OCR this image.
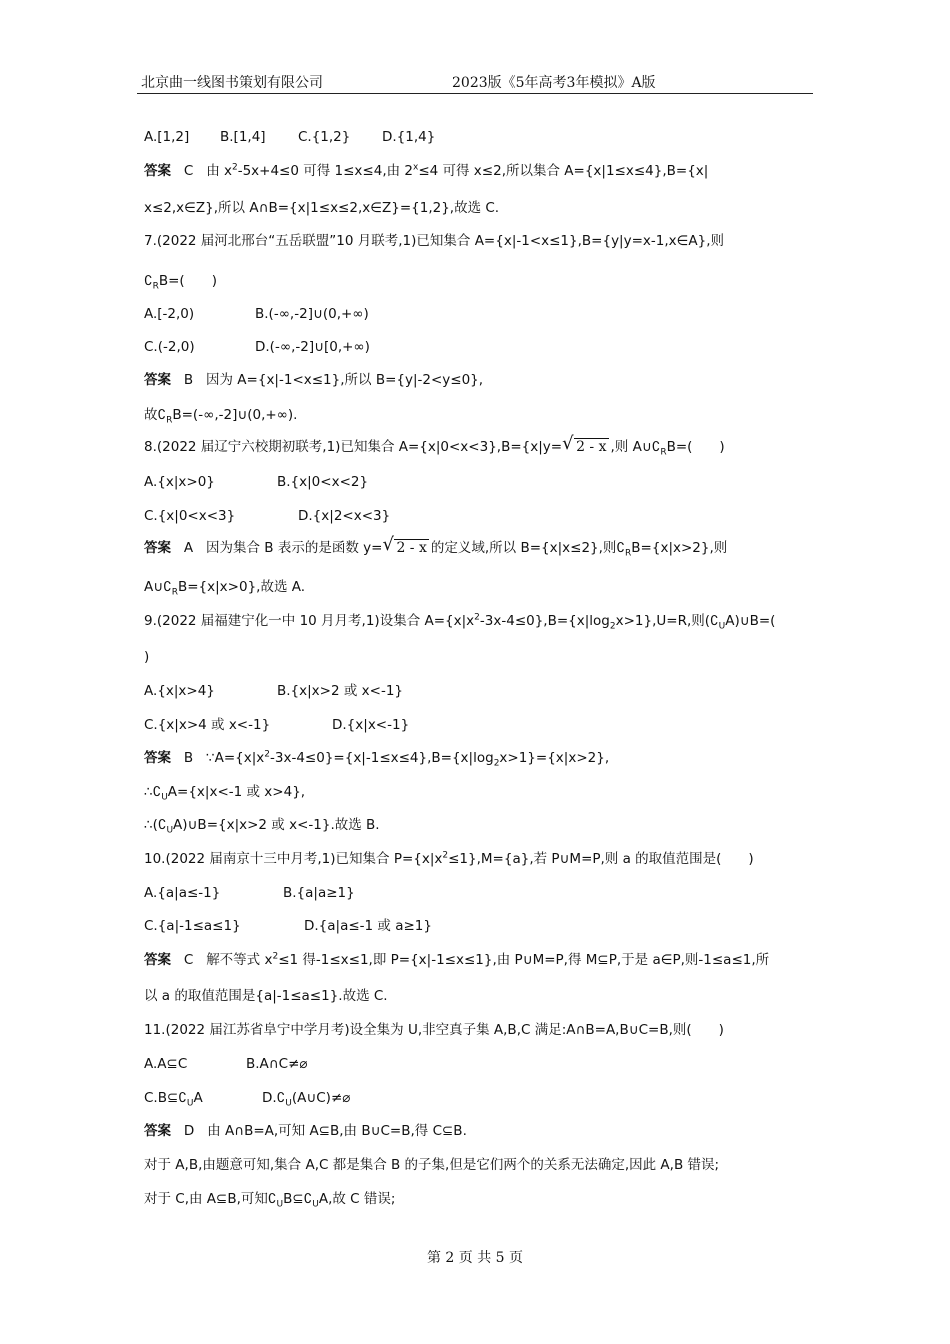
北京曲一线图书策划有限公司	2023版《5年高考3年模拟》A版
A.[1,2] B.[1,4] C.{1,2} D.{1,4}
答案 C 由 $x^2-5x+4\le 0$ 可得 1≤x≤4,由 $2^x\le 4$ 可得 x≤2,所以集合 A={x|1≤x≤4},B={x|
x≤2,x∈Z},所以 A∩B={x|1≤x≤2,x∈Z}={1,2},故选 C.
7.(2022 届河北邢台“五岳联盟”10 月联考,1)已知集合 A={x|-1<x≤1},B={y|y=x-1,x∈A},则
$∁_RB=$(　　)
A.[-2,0)	B.(-∞,-2]∪(0,+∞)
C.(-2,0)	D.(-∞,-2]∪[0,+∞)
答案 B 因为 A={x|-1<x≤1},所以 B={y|-2<y≤0},
故$∁_RB=(-\infty,-2]\cup(0,+\infty)$.
8.(2022 届辽宁六校期初联考,1)已知集合 A={x|0<x<3},B={x|y= √ 2 - x ,则 $A\cup∁_RB=$(　　)
A.{x|x>0}	B.{x|0<x<2}
C.{x|0<x<3}	D.{x|2<x<3}
答案 A 因为集合 B 表示的是函数 y= √ 2 - x 的定义域,所以 B={x|x≤2},则$∁_RB=\{x|x>2\}$,则
$A\cup∁_RB=\{x|x>0\}$,故选 A.
9.(2022 届福建宁化一中 10 月月考,1)设集合 $A=\{x|x^2-3x-4\le 0\},B=\{x|\log_2x>1\},U=R$,则$(∁_UA)\cup B=$(
)
A.{x|x>4}	B.{x|x>2 或 x<-1}
C.{x|x>4 或 x<-1}	D.{x|x<-1}
答案 B $\because A=\{x|x^2-3x-4\le 0\}=\{x|-1\le x\le 4\},B=\{x|\log_2x>1\}=\{x|x>2\}$,
$\therefore∁_UA=\{x|x<-1$ 或 x>4},
$\therefore(∁_UA)\cup B=\{x|x>2$ 或 x<-1}.故选 B.
10.(2022 届南京十三中月考,1)已知集合 $P=\{x|x^2\le 1\},M=\{a\}$,若 P∪M=P,则 a 的取值范围是(　　)
A.{a|a≤-1}	B.{a|a≥1}
C.{a|-1≤a≤1}	D.{a|a≤-1 或 a≥1}
答案 C 解不等式 $x^2\le 1$ 得-1≤x≤1,即 P={x|-1≤x≤1},由 P∪M=P,得 M⊆P,于是 a∈P,则-1≤a≤1,所
以 a 的取值范围是{a|-1≤a≤1}.故选 C.
11.(2022 届江苏省阜宁中学月考)设全集为 U,非空真子集 A,B,C 满足:A∩B=A,B∪C=B,则(　　)
A.A⊆C	B.A∩C≠⌀
$C.B⊆∁_UA$	$D.∁_U(A\cup C)\ne⌀$
答案 D 由 A∩B=A,可知 A⊆B,由 B∪C=B,得 C⊆B.
对于 A,B,由题意可知,集合 A,C 都是集合 B 的子集,但是它们两个的关系无法确定,因此 A,B 错误;
对于 C,由 A⊆B,可知$∁_UB⊆∁_UA$,故 C 错误;
第 2 页 共 5 页
